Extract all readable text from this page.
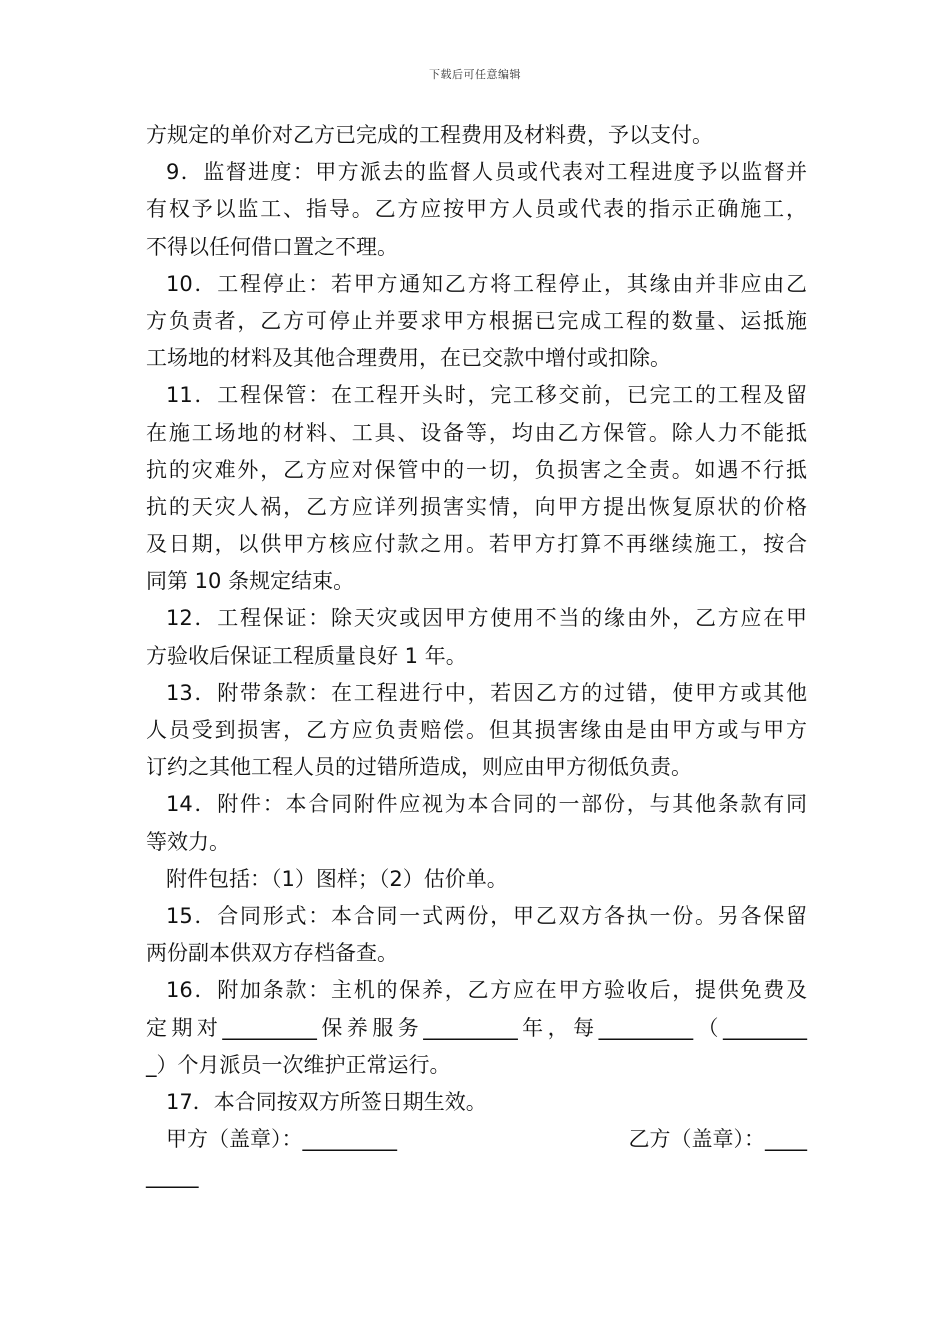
下载后可任意编辑
方规定的单价对乙方已完成的工程费用及材料费，予以支付。
9．监督进度：甲方派去的监督人员或代表对工程进度予以监督并
有权予以监工、指导。乙方应按甲方人员或代表的指示正确施工，
不得以任何借口置之不理。
10．工程停止：若甲方通知乙方将工程停止，其缘由并非应由乙
方负责者，乙方可停止并要求甲方根据已完成工程的数量、运抵施
工场地的材料及其他合理费用，在已交款中增付或扣除。
11．工程保管：在工程开头时，完工移交前，已完工的工程及留
在施工场地的材料、工具、设备等，均由乙方保管。除人力不能抵
抗的灾难外，乙方应对保管中的一切，负损害之全责。如遇不行抵
抗的天灾人祸，乙方应详列损害实情，向甲方提出恢复原状的价格
及日期，以供甲方核应付款之用。若甲方打算不再继续施工，按合
同第 10 条规定结束。
12．工程保证：除天灾或因甲方使用不当的缘由外，乙方应在甲
方验收后保证工程质量良好 1 年。
13．附带条款：在工程进行中，若因乙方的过错，使甲方或其他
人员受到损害，乙方应负责赔偿。但其损害缘由是由甲方或与甲方
订约之其他工程人员的过错所造成，则应由甲方彻低负责。
14．附件：本合同附件应视为本合同的一部份，与其他条款有同
等效力。
附件包括：（1）图样；（2）估价单。
15．合同形式：本合同一式两份，甲乙双方各执一份。另各保留
两份副本供双方存档备查。
16．附加条款：主机的保养，乙方应在甲方验收后，提供免费及
定期对_________保养服务_________年，每_________（________
_）个月派员一次维护正常运行。
17．本合同按双方所签日期生效。
甲方（盖章）：_________	乙方（盖章）：____
_____
